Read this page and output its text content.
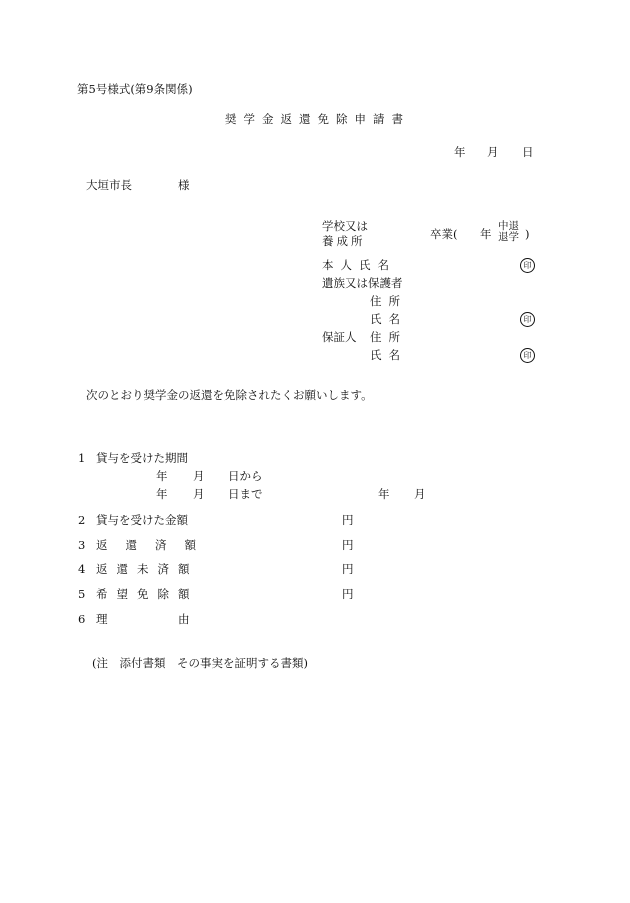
第5号様式(第9条関係)
奨学金返還免除申請書
年 月 日
大垣市長	様
学校又は
養成所	卒業( 年
中退
退学 )
本人氏名	印
遺族又は保護者
住所
氏名	印
保証人 住所
氏名	印
次のとおり奨学金の返還を免除されたくお願いします。
1 貸与を受けた期間
年 月 日から
年 月 日まで	年 月
2 貸与を受けた金額	円
3 返還済額	円
4 返還未済額	円
5 希望免除額	円
6 理	由
(注　添付書類　その事実を証明する書類)
